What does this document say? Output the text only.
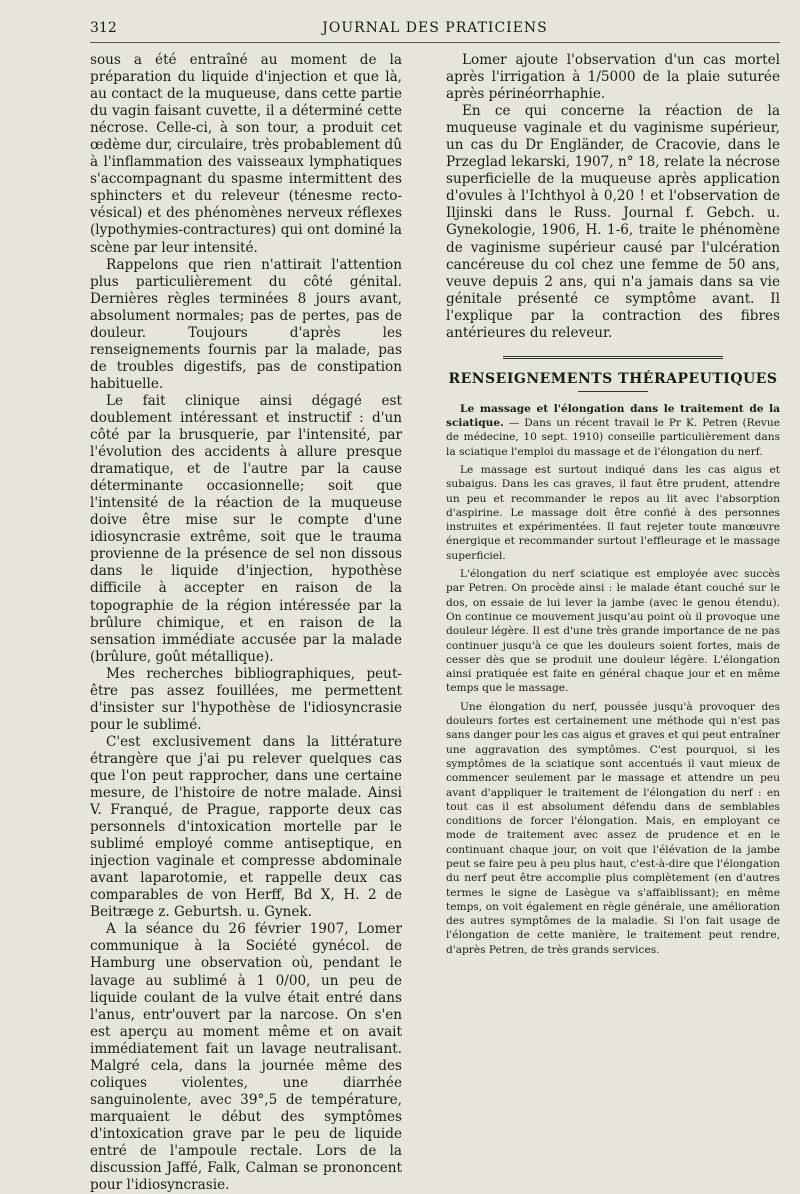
312	JOURNAL DES PRATICIENS

sous a été entraîné au moment de la préparation du liquide d'injection et que là, au contact de la muqueuse, dans cette partie du vagin faisant cuvette, il a déterminé cette nécrose. Celle-ci, à son tour, a produit cet œdème dur, circulaire, très probablement dû à l'inflammation des vaisseaux lymphatiques s'accompagnant du spasme intermittent des sphincters et du releveur (ténesme recto-vésical) et des phénomènes nerveux réflexes (lypothymies-contractures) qui ont dominé la scène par leur intensité.

Rappelons que rien n'attirait l'attention plus particulièrement du côté génital. Dernières règles terminées 8 jours avant, absolument normales; pas de pertes, pas de douleur. Toujours d'après les renseignements fournis par la malade, pas de troubles digestifs, pas de constipation habituelle.

Le fait clinique ainsi dégagé est doublement intéressant et instructif : d'un côté par la brusquerie, par l'intensité, par l'évolution des accidents à allure presque dramatique, et de l'autre par la cause déterminante occasionnelle; soit que l'intensité de la réaction de la muqueuse doive être mise sur le compte d'une idiosyncrasie extrême, soit que le trauma provienne de la présence de sel non dissous dans le liquide d'injection, hypothèse difficile à accepter en raison de la topographie de la région intéressée par la brûlure chimique, et en raison de la sensation immédiate accusée par la malade (brûlure, goût métallique).

Mes recherches bibliographiques, peut-être pas assez fouillées, me permettent d'insister sur l'hypothèse de l'idiosyncrasie pour le sublimé.

C'est exclusivement dans la littérature étrangère que j'ai pu relever quelques cas que l'on peut rapprocher, dans une certaine mesure, de l'histoire de notre malade. Ainsi V. Franqué, de Prague, rapporte deux cas personnels d'intoxication mortelle par le sublimé employé comme antiseptique, en injection vaginale et compresse abdominale avant laparotomie, et rappelle deux cas comparables de von Herff, Bd X, H. 2 de Beitræge z. Geburtsh. u. Gynek.

A la séance du 26 février 1907, Lomer communique à la Société gynécol. de Hamburg une observation où, pendant le lavage au sublimé à 1 0/00, un peu de liquide coulant de la vulve était entré dans l'anus, entr'ouvert par la narcose. On s'en est aperçu au moment même et on avait immédiatement fait un lavage neutralisant. Malgré cela, dans la journée même des coliques violentes, une diarrhée sanguinolente, avec 39°,5 de température, marquaient le début des symptômes d'intoxication grave par le peu de liquide entré de l'ampoule rectale. Lors de la discussion Jaffé, Falk, Calman se prononcent pour l'idiosyncrasie.

Lomer ajoute l'observation d'un cas mortel après l'irrigation à 1/5000 de la plaie suturée après périnéorrhaphie.

En ce qui concerne la réaction de la muqueuse vaginale et du vaginisme supérieur, un cas du Dr Engländer, de Cracovie, dans le Przeglad lekarski, 1907, n° 18, relate la nécrose superficielle de la muqueuse après application d'ovules à l'Ichthyol à 0,20 ! et l'observation de Iljinski dans le Russ. Journal f. Gebch. u. Gynekologie, 1906, H. 1-6, traite le phénomène de vaginisme supérieur causé par l'ulcération cancéreuse du col chez une femme de 50 ans, veuve depuis 2 ans, qui n'a jamais dans sa vie génitale présenté ce symptôme avant. Il l'explique par la contraction des fibres antérieures du releveur.

RENSEIGNEMENTS THÉRAPEUTIQUES

Le massage et l'élongation dans le traitement de la sciatique. — Dans un récent travail le Pr K. Petren (Revue de médecine, 10 sept. 1910) conseille particulièrement dans la sciatique l'emploi du massage et de l'élongation du nerf.

Le massage est surtout indiqué dans les cas aigus et subaigus. Dans les cas graves, il faut être prudent, attendre un peu et recommander le repos au lit avec l'absorption d'aspirine. Le massage doit être confié à des personnes instruites et expérimentées. Il faut rejeter toute manœuvre énergique et recommander surtout l'effleurage et le massage superficiel.

L'élongation du nerf sciatique est employée avec succès par Petren. On procède ainsi : le malade étant couché sur le dos, on essaie de lui lever la jambe (avec le genou étendu). On continue ce mouvement jusqu'au point où il provoque une douleur légère. Il est d'une très grande importance de ne pas continuer jusqu'à ce que les douleurs soient fortes, mais de cesser dès que se produit une douleur légère. L'élongation ainsi pratiquée est faite en général chaque jour et en même temps que le massage.

Une élongation du nerf, poussée jusqu'à provoquer des douleurs fortes est certainement une méthode qui n'est pas sans danger pour les cas aigus et graves et qui peut entraîner une aggravation des symptômes. C'est pourquoi, si les symptômes de la sciatique sont accentués il vaut mieux de commencer seulement par le massage et attendre un peu avant d'appliquer le traitement de l'élongation du nerf : en tout cas il est absolument défendu dans de semblables conditions de forcer l'élongation. Mais, en employant ce mode de traitement avec assez de prudence et en le continuant chaque jour, on voit que l'élévation de la jambe peut se faire peu à peu plus haut, c'est-à-dire que l'élongation du nerf peut être accomplie plus complètement (en d'autres termes le signe de Lasègue va s'affaiblissant); en même temps, on voit également en règle générale, une amélioration des autres symptômes de la maladie. Si l'on fait usage de l'élongation de cette manière, le traitement peut rendre, d'après Petren, de très grands services.
